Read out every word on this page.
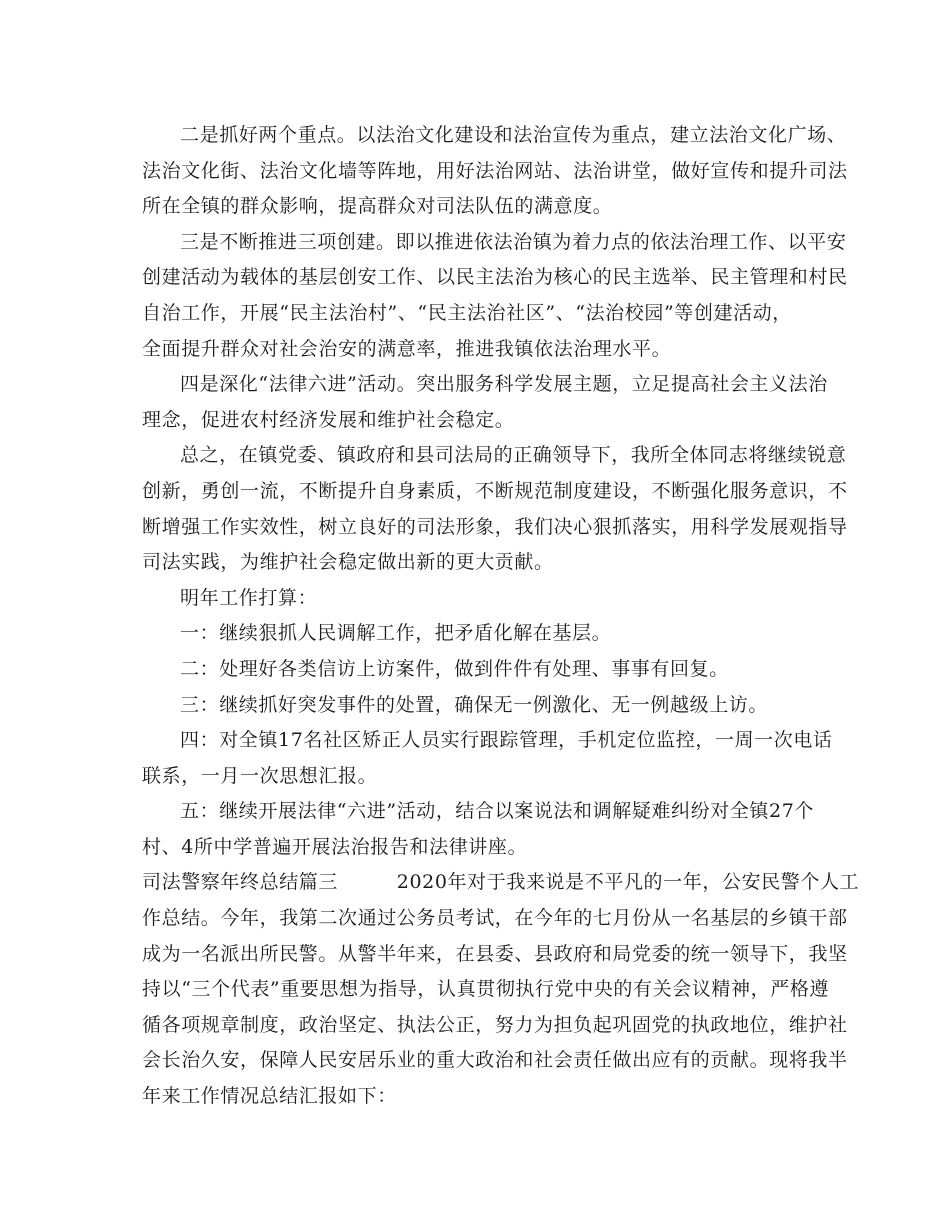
二是抓好两个重点。以法治文化建设和法治宣传为重点，建立法治文化广场、
法治文化街、法治文化墙等阵地，用好法治网站、法治讲堂，做好宣传和提升司法
所在全镇的群众影响，提高群众对司法队伍的满意度。
三是不断推进三项创建。即以推进依法治镇为着力点的依法治理工作、以平安
创建活动为载体的基层创安工作、以民主法治为核心的民主选举、民主管理和村民
自治工作，开展“民主法治村”、“民主法治社区”、“法治校园”等创建活动，
全面提升群众对社会治安的满意率，推进我镇依法治理水平。
四是深化“法律六进”活动。突出服务科学发展主题，立足提高社会主义法治
理念，促进农村经济发展和维护社会稳定。
总之，在镇党委、镇政府和县司法局的正确领导下，我所全体同志将继续锐意
创新，勇创一流，不断提升自身素质，不断规范制度建设，不断强化服务意识，不
断增强工作实效性，树立良好的司法形象，我们决心狠抓落实，用科学发展观指导
司法实践，为维护社会稳定做出新的更大贡献。
明年工作打算：
一：继续狠抓人民调解工作，把矛盾化解在基层。
二：处理好各类信访上访案件，做到件件有处理、事事有回复。
三：继续抓好突发事件的处置，确保无一例激化、无一例越级上访。
四：对全镇17名社区矫正人员实行跟踪管理，手机定位监控，一周一次电话
联系，一月一次思想汇报。
五：继续开展法律“六进”活动，结合以案说法和调解疑难纠纷对全镇27个
村、4所中学普遍开展法治报告和法律讲座。
司法警察年终总结篇三　　　2020年对于我来说是不平凡的一年，公安民警个人工
作总结。今年，我第二次通过公务员考试，在今年的七月份从一名基层的乡镇干部
成为一名派出所民警。从警半年来，在县委、县政府和局党委的统一领导下，我坚
持以“三个代表”重要思想为指导，认真贯彻执行党中央的有关会议精神，严格遵
循各项规章制度，政治坚定、执法公正，努力为担负起巩固党的执政地位，维护社
会长治久安，保障人民安居乐业的重大政治和社会责任做出应有的贡献。现将我半
年来工作情况总结汇报如下：
